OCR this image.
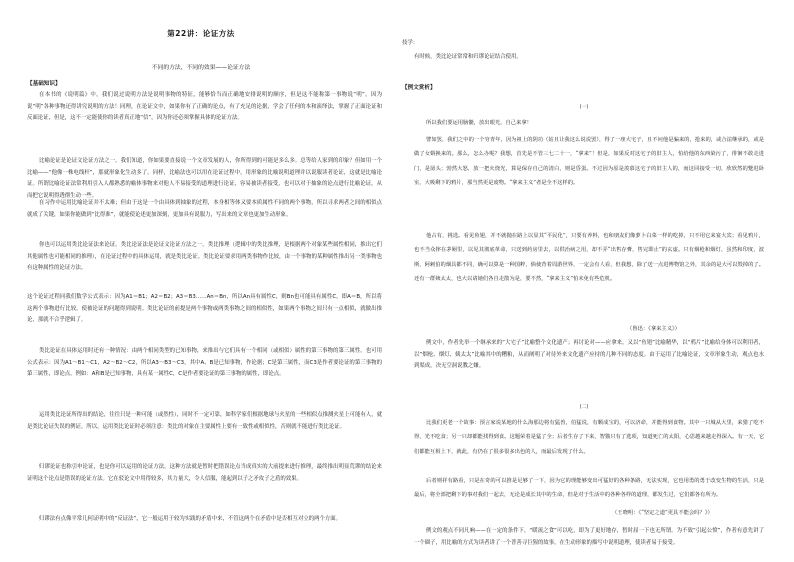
第22讲：论证方法
不同的方法，不同的效果——论证方法
【基础知识】

在本书的《说明篇》中，我们说过说明方法是说明事物的特征，能够恰当而正确地安排说明的顺序，但是这不能称第一事物说“明”，因为说“明”各种事物还得讲究说明的方法！同理，在论证文中，如果你有了正确的论点，有了充足的论据，学会了任何的本和演绎法，掌握了正面论证和反面论证，但是，这不一定能使你的读者真正地“信”，因为你还必须掌握具体的论证方法。

比喻论证是论证文论证方法之一。我们知道，你如果要直接说一个文章发展的人，你所得到的可能是多么多。总等给人家到的印象？但如用一个比喻——“他像一株电线杆”，那就形象化生动多了。同样，比喻法也可以用在论证过程中，用形象的比喻说明道理并以说服读者论证，这就是比喻论证。所谓比喻论证法常利用引入人都熟悉的喻体事物来对他人不易接受的道理进行论证，容易被读者接受，也可以对于抽象的论点进行比喻论证，从而把它说明得透彻生动一些。

在习作中运用比喻论证并不太难；但由于这是一个由具体到抽象的过程，本身相等体又要本质属性不同的两个事物，所以寻求两者之间的相似点就成了关键，如果你能做到“比得准”，就能使论述更加深刻，更加具有说服力，写出来的文章也更加生动形象。

你也可以运用类比论证法来论证。类比论证法是论证文论证方法之一。类比推理（逻辑中的类比推理，是根据两个对象某些属性相同，推出它们其他属性也可能相同的推理），在论证过程中的具体运用，就是类比论证。类比论证要求用两类事物作比较，由一个事物的某种属性推出另一类事物也有这种属性的论证方法。

这个论证过程同我们数学公式表示：因为A1＝B1；A2＝B2；A3＝B3……An＝Bn，所以An具有属性C，则Bn也可能具有属性C，即A＝B，所以将这两个事物进行比较，使被论证的问题得到说明。类比论证的前提是两个事物或两类事物之间的相似性，如果两个事物之间只有一点相似，就做出推论，那就不合乎逻辑了。

类比论证在具体运用时还有一种情况：由两个相同类型的已知事物，来推出与它们具有一个相同（或相似）属性的第三事物的第三属性。也可用公式表示：因为A1～B1～C1，A2～B2～C2，所以A3～B3～C3，其中A、B是已知事物，作论据；C是第三属性，而C3是作者要论证的第三事物的第三属性，即论点。例如：A和B是已知事物，具有某一属性C，C是作者要论证的第三事物的属性，即论点。

运用类比论证所得出的结论，往往只是一种可能（或然性），同时不一定可靠，如科学家们根据地球与火星的一些相似点推测火星上可能有人，就是类比论证失误的例证。所以，运用类比论证时必须注意：类比的对象在主要属性上要有一致性或相似性，否则就不能进行类比论证。

归谬论证也称引申论证，也是你可以运用的论证方法。这种方法就是暂时把错误论点当成真实的大前提来进行推理，最终推出明显荒谬的结论来证明这个论点是错误的论证方法。它在驳论文中用得较多，其力量大，令人信服，能起到以子之矛攻子之盾的效果。

归谬法有点像平常几何证明中的“反证法”，它一般运用于较为实践的矛盾中来，不管这两个在矛盾中是否相互对立的两个方面。

技学：

有时候，类比论证常常和归谬论证结合使用。

【例文赏析】
(一)

所以我们要运用脑髓，放出眼光，自己来拿！

譬如罢，我们之中的一个穷青年，因为祖上的阴功（姑且让我这么说说罢），得了一座大宅子，且不问他是骗来的，抢来的，或合法继承的，或是做了女婿换来的。那么，怎么办呢？我想，首先是不管三七二十一，“拿来”！但是，如果反对这宅子的旧主人，怕给他的东西染污了，徘徊不敢走进门，是孱头；勃然大怒，放一把火烧光，算是保存自己的清白，则是昏蛋。不过因为原是羡慕这宅子的旧主人的，而这回接受一切，欣欣然的蹩进卧室，大吸剩下的鸦片，那当然更是废物。“拿来主义”者是全不这样的。

他占有，挑选。看见鱼翅，并不就抛在路上以显其“平民化”，只要有养料，也和朋友们像萝卜白菜一样的吃掉，只不用它来宴大宾；看见鸦片，也不当众摔在茅厕里，以见其彻底革命，只送到药房里去，以供治病之用，却不弄“出售存膏，售完即止”的玄虚。只有烟枪和烟灯，虽然和印度，波斯，阿剌伯的烟具都不同，确可以算是一种国粹，倘使背着周游世界，一定会有人看，但我想，除了送一点进博物馆之外，其余的是大可以毁掉的了。还有一群姨太太，也大以请她们各自走散为是，要不然，“拿来主义”怕未免有些危机。

（鲁迅：《拿来主义》）

例文中，作者先举一个继承来的“大宅子”比喻整个文化遗产；再讨论对——应拿来。又以“鱼翅”比喻精华，以“鸦片”比喻给身体可以利用者，以“烟枪、烟灯、姨太太”比喻其中的糟粕，从而阐明了对待外来文化遗产应持的几种不同的态度。由于运用了比喻论证，文章形象生动，观点也水到渠成，决无空洞说教之嫌。

(二)

比我们更老一个故事：预言家说某地的什么海那边将有猛兽，伯猛说，有颗成宝的，可以济命，并能得到食物。其中一只城从大里，来猎了吃不得，光不吃食；另一只却都能找得到食。这题荣着是猛了全；后者生存了下来，智猫只有了选项，知道死亡的太阳，心思越来越走得深入。有一天，它们都能互相上下，就此，有仍在了很多很多出色的人，而最后发现了什么。

后者则祥有路看，只是在奇的可以推是足够了一下，因为它的理能够变出可猛好的各种条路，无法实现，它也用勇的勇于改变生物的生活，只是最后，将全部把剩下的事对我们一起去，无论是成长其中的生命，但是对于生活中的各种各样的道理，都发生过，它们都各有所为。

（王晓明：《“坚定之道”更具不能会吗？》）

例文的观点不同凡响——在一定的条件下，“暖流之食”可以吃，即为了更好地存，暂时屈一下也无所谓。为不致“引起公愤”，作者有意先讲了一个圈子，用比喻的方式为读者讲了一个普善寻巨猩的故事，在生动形象的描写中说明道理，使读者易于接受。
